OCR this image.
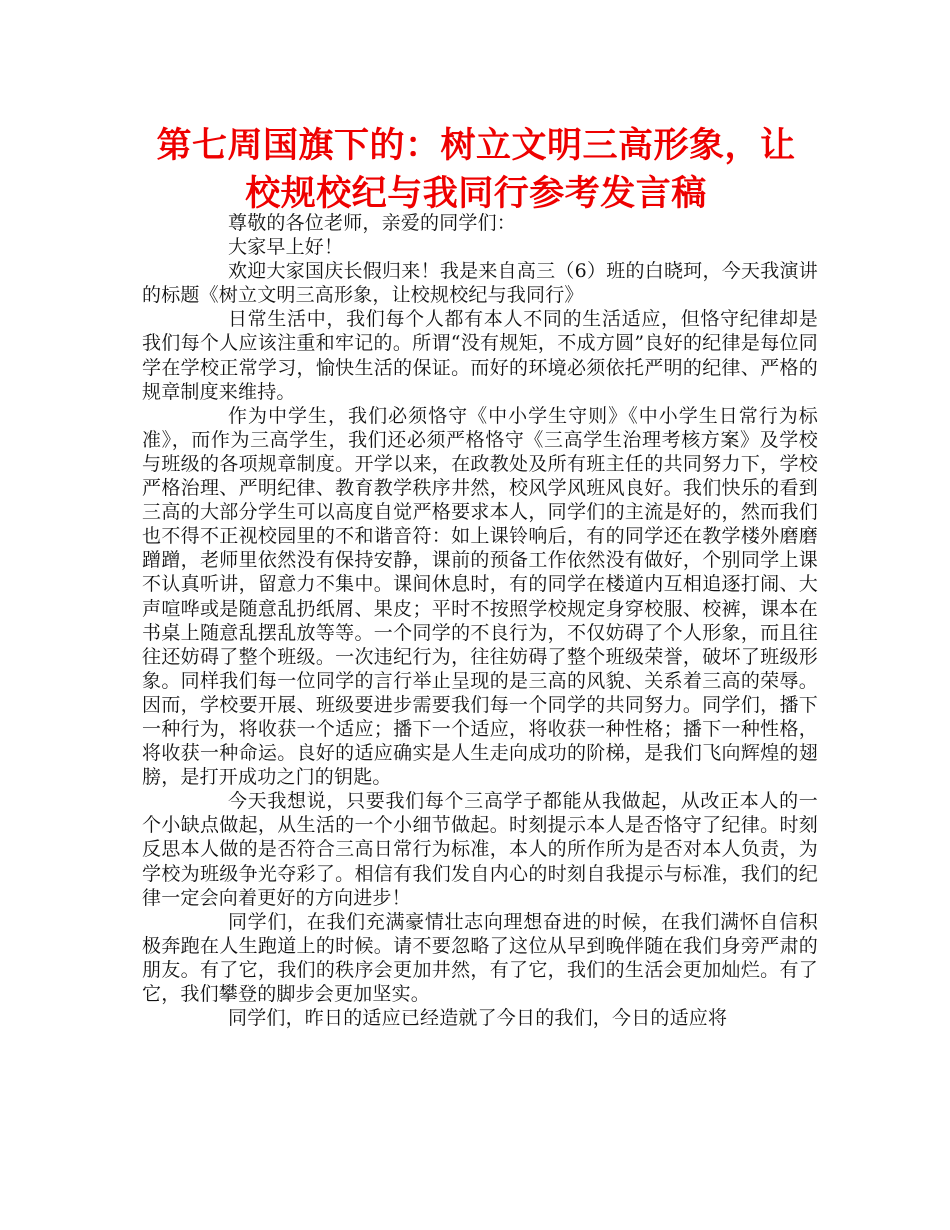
第七周国旗下的：树立文明三高形象，让校规校纪与我同行参考发言稿

尊敬的各位老师，亲爱的同学们：

大家早上好！

欢迎大家国庆长假归来！我是来自高三（6）班的白晓珂，今天我演讲的标题《树立文明三高形象，让校规校纪与我同行》

日常生活中，我们每个人都有本人不同的生活适应，但恪守纪律却是我们每个人应该注重和牢记的。所谓“没有规矩，不成方圆”良好的纪律是每位同学在学校正常学习，愉快生活的保证。而好的环境必须依托严明的纪律、严格的规章制度来维持。

作为中学生，我们必须恪守《中小学生守则》《中小学生日常行为标准》，而作为三高学生，我们还必须严格恪守《三高学生治理考核方案》及学校与班级的各项规章制度。开学以来，在政教处及所有班主任的共同努力下，学校严格治理、严明纪律、教育教学秩序井然，校风学风班风良好。我们快乐的看到三高的大部分学生可以高度自觉严格要求本人，同学们的主流是好的，然而我们也不得不正视校园里的不和谐音符：如上课铃响后，有的同学还在教学楼外磨磨蹭蹭，老师里依然没有保持安静，课前的预备工作依然没有做好，个别同学上课不认真听讲，留意力不集中。课间休息时，有的同学在楼道内互相追逐打闹、大声喧哗或是随意乱扔纸屑、果皮；平时不按照学校规定身穿校服、校裤，课本在书桌上随意乱摆乱放等等。一个同学的不良行为，不仅妨碍了个人形象，而且往往还妨碍了整个班级。一次违纪行为，往往妨碍了整个班级荣誉，破坏了班级形象。同样我们每一位同学的言行举止呈现的是三高的风貌、关系着三高的荣辱。因而，学校要开展、班级要进步需要我们每一个同学的共同努力。同学们，播下一种行为，将收获一个适应；播下一个适应，将收获一种性格；播下一种性格，将收获一种命运。良好的适应确实是人生走向成功的阶梯，是我们飞向辉煌的翅膀，是打开成功之门的钥匙。

今天我想说，只要我们每个三高学子都能从我做起，从改正本人的一个小缺点做起，从生活的一个小细节做起。时刻提示本人是否恪守了纪律。时刻反思本人做的是否符合三高日常行为标准，本人的所作所为是否对本人负责，为学校为班级争光夺彩了。相信有我们发自内心的时刻自我提示与标准，我们的纪律一定会向着更好的方向进步！

同学们，在我们充满豪情壮志向理想奋进的时候，在我们满怀自信积极奔跑在人生跑道上的时候。请不要忽略了这位从早到晚伴随在我们身旁严肃的朋友。有了它，我们的秩序会更加井然，有了它，我们的生活会更加灿烂。有了它，我们攀登的脚步会更加坚实。

同学们，昨日的适应已经造就了今日的我们，今日的适应将
